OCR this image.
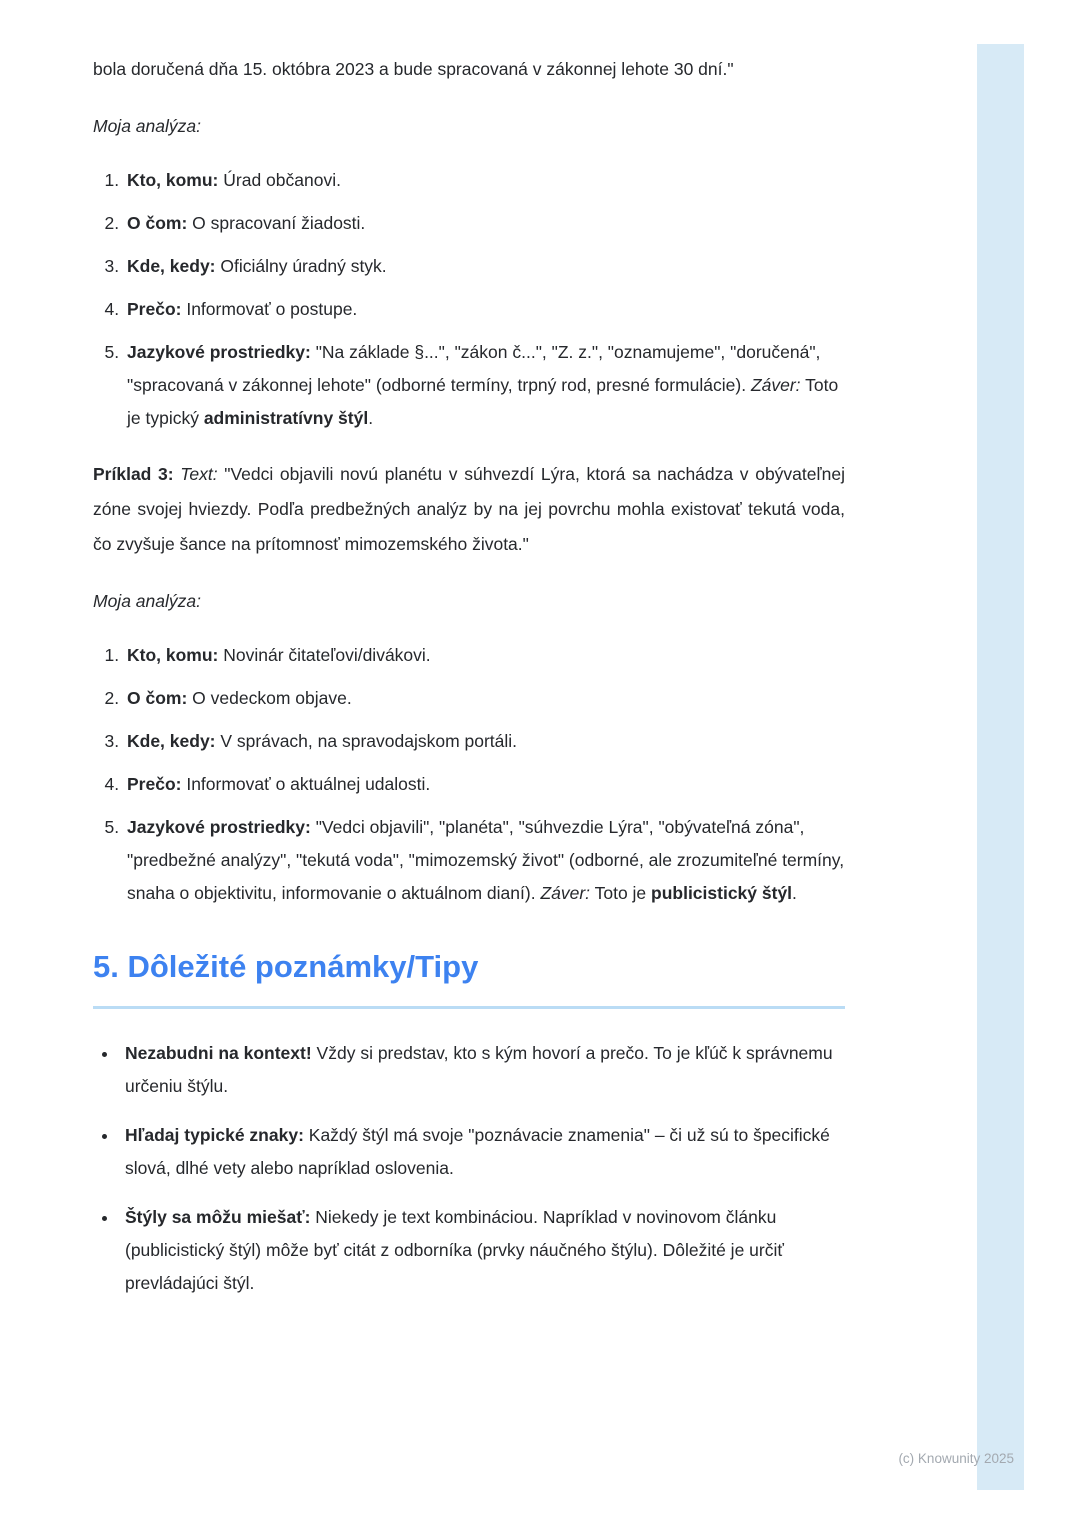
bola doručená dňa 15. októbra 2023 a bude spracovaná v zákonnej lehote 30 dní."

Moja analýza:

1. Kto, komu: Úrad občanovi.
2. O čom: O spracovaní žiadosti.
3. Kde, kedy: Oficiálny úradný styk.
4. Prečo: Informovať o postupe.
5. Jazykové prostriedky: "Na základe §...", "zákon č...", "Z. z.", "oznamujeme", "doručená", "spracovaná v zákonnej lehote" (odborné termíny, trpný rod, presné formulácie). Záver: Toto je typický administratívny štýl.

Príklad 3: Text: "Vedci objavili novú planétu v súhvezdí Lýra, ktorá sa nachádza v obývateľnej zóne svojej hviezdy. Podľa predbežných analýz by na jej povrchu mohla existovať tekutá voda, čo zvyšuje šance na prítomnosť mimozemského života."

Moja analýza:

1. Kto, komu: Novinár čitateľovi/divákovi.
2. O čom: O vedeckom objave.
3. Kde, kedy: V správach, na spravodajskom portáli.
4. Prečo: Informovať o aktuálnej udalosti.
5. Jazykové prostriedky: "Vedci objavili", "planéta", "súhvezdie Lýra", "obývateľná zóna", "predbežné analýzy", "tekutá voda", "mimozemský život" (odborné, ale zrozumiteľné termíny, snaha o objektivitu, informovanie o aktuálnom dianí). Záver: Toto je publicistický štýl.
5. Dôležité poznámky/Tipy
• Nezabudni na kontext! Vždy si predstav, kto s kým hovorí a prečo. To je kľúč k správnemu určeniu štýlu.
• Hľadaj typické znaky: Každý štýl má svoje "poznávacie znamenia" – či už sú to špecifické slová, dlhé vety alebo napríklad oslovenia.
• Štýly sa môžu miešať: Niekedy je text kombináciou. Napríklad v novinovom článku (publicistický štýl) môže byť citát z odborníka (prvky náučného štýlu). Dôležité je určiť prevládajúci štýl.
(c) Knowunity 2025
